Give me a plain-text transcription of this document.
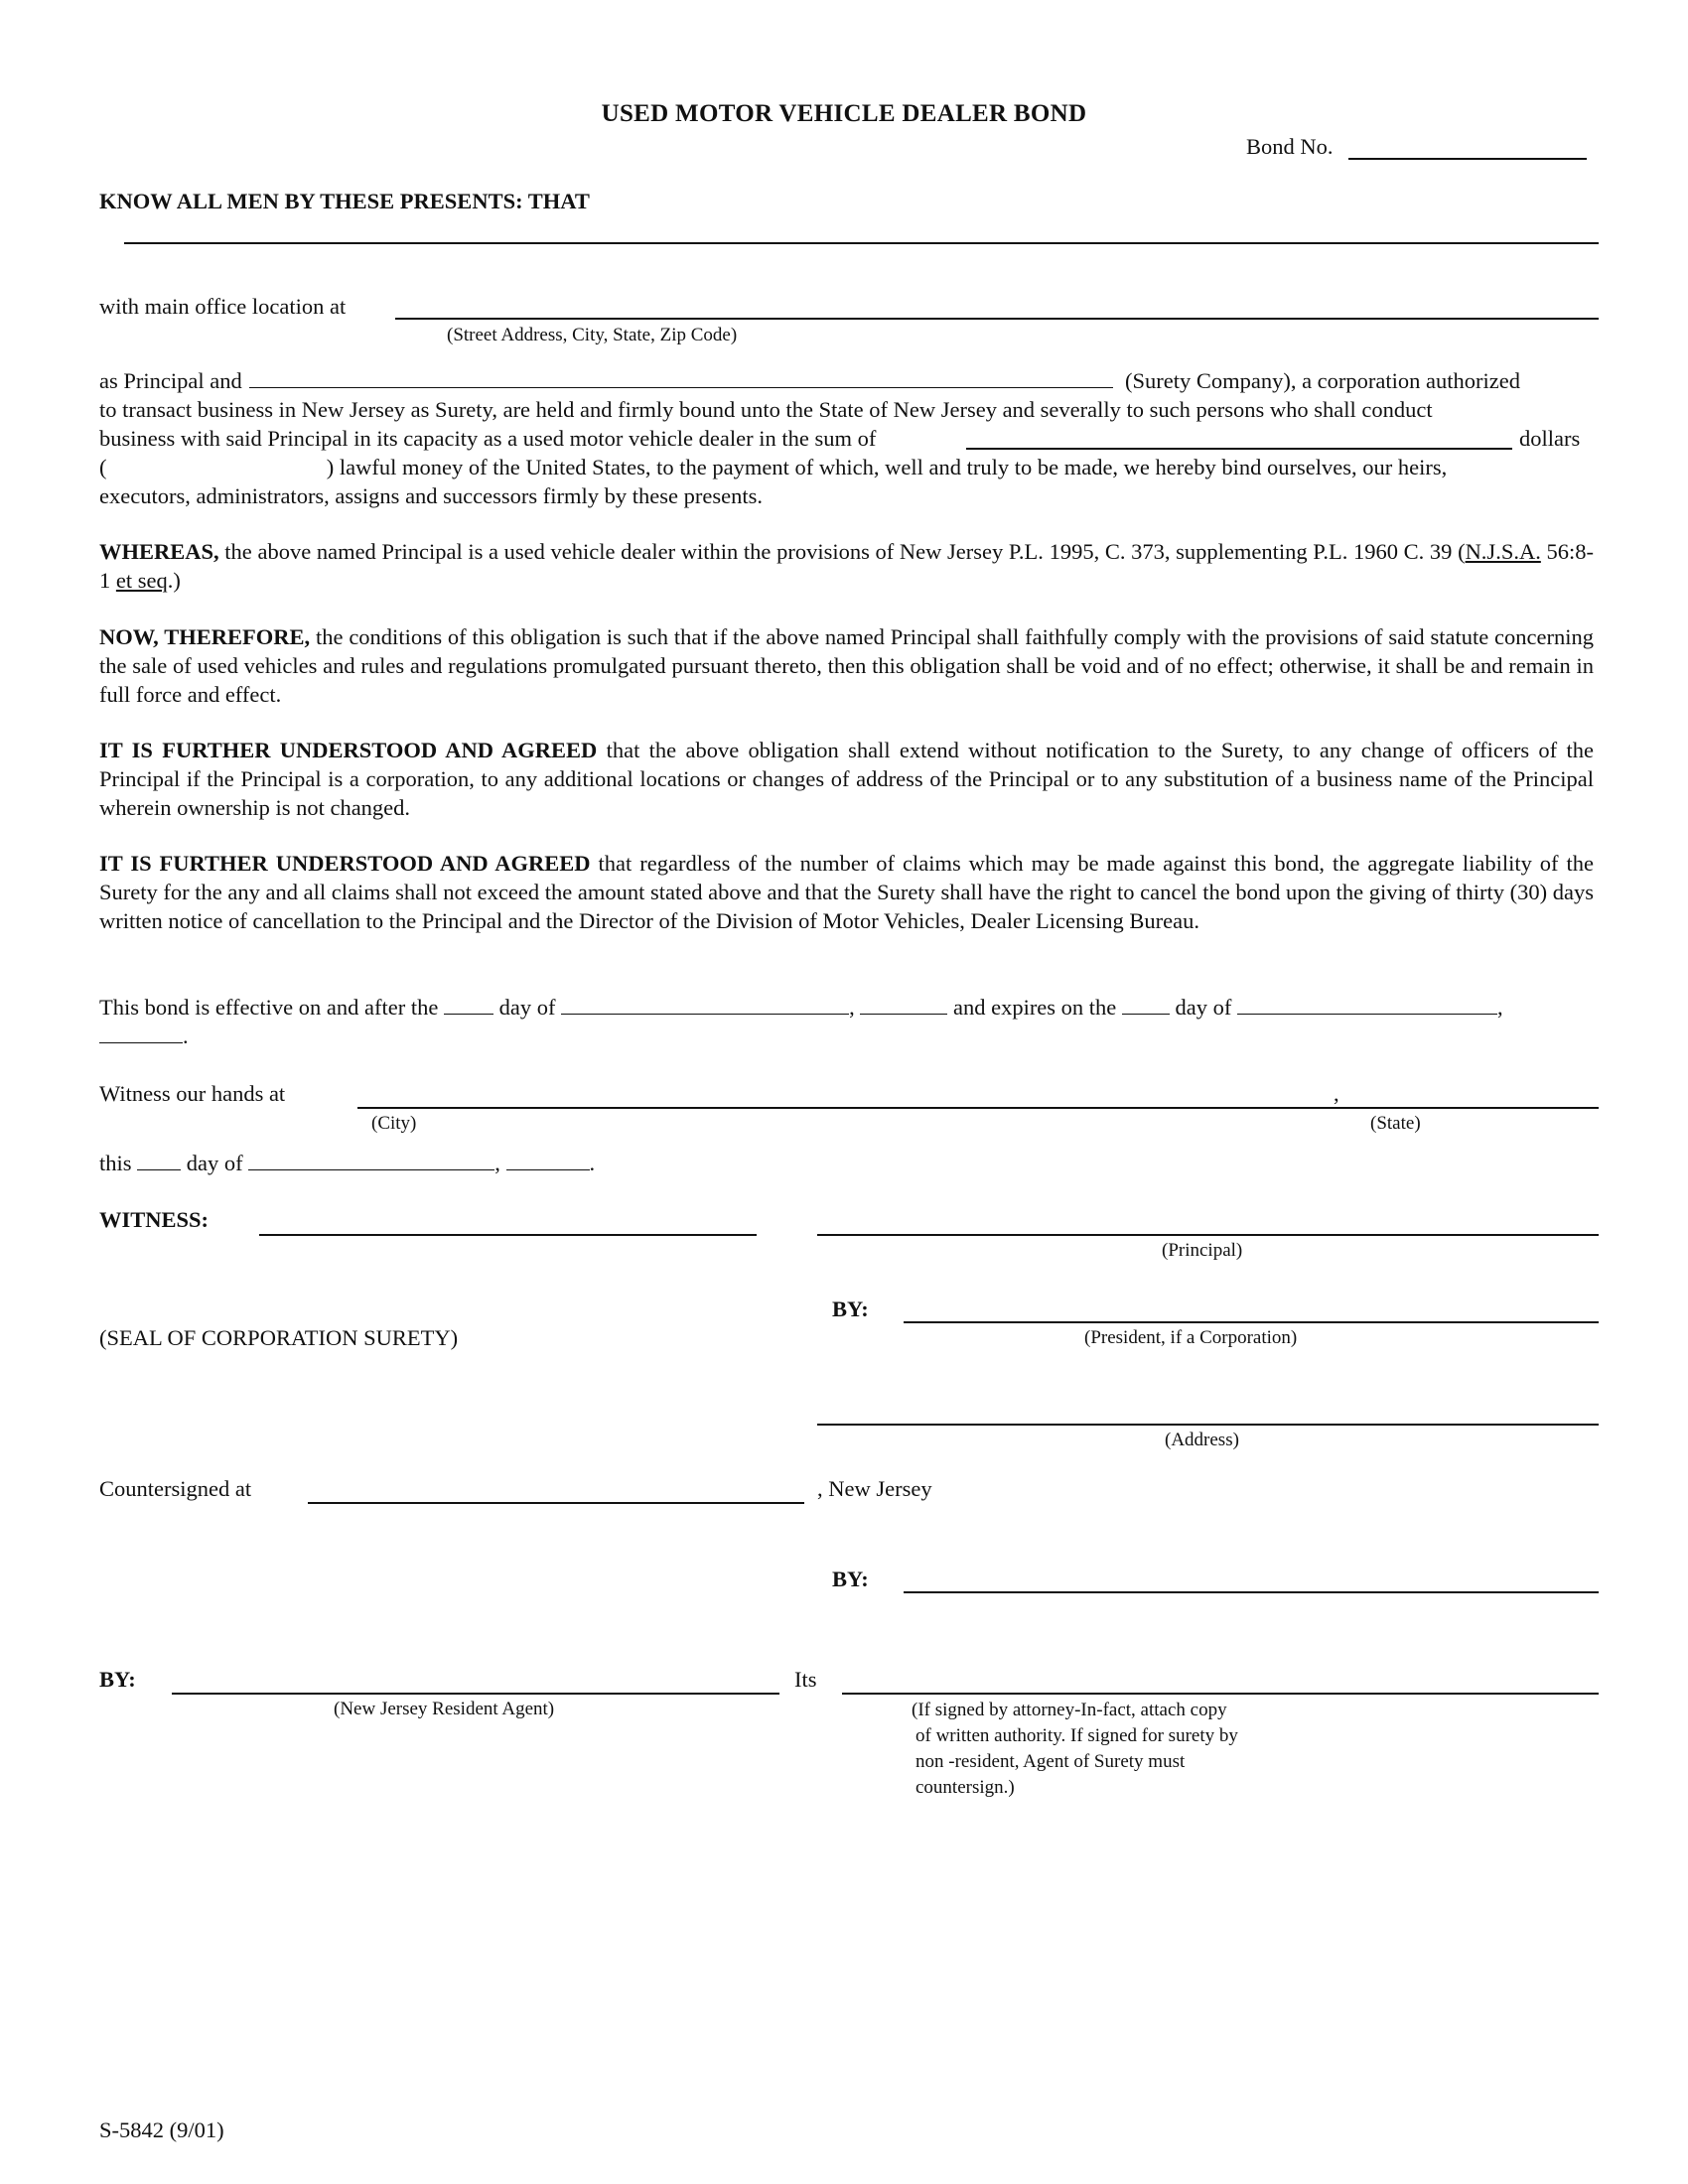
USED MOTOR VEHICLE DEALER BOND
Bond No.
KNOW ALL MEN BY THESE PRESENTS: THAT
with main office location at
(Street Address, City, State, Zip Code)
as Principal and	(Surety Company), a corporation authorized
to transact business in New Jersey as Surety, are held and firmly bound unto the State of New Jersey and severally to such persons who shall conduct
business with said Principal in its capacity as a used motor vehicle dealer in the sum of	dollars
(	) lawful money of the United States, to the payment of which, well and truly to be made, we hereby bind ourselves, our heirs,
executors, administrators, assigns and successors firmly by these presents.

WHEREAS, the above named Principal is a used vehicle dealer within the provisions of New Jersey P.L. 1995, C. 373, supplementing P.L. 1960 C. 39 (N.J.S.A. 56:8-1 et seq.)

NOW, THEREFORE, the conditions of this obligation is such that if the above named Principal shall faithfully comply with the provisions of said statute concerning the sale of used vehicles and rules and regulations promulgated pursuant thereto, then this obligation shall be void and of no effect; otherwise, it shall be and remain in full force and effect.

IT IS FURTHER UNDERSTOOD AND AGREED that the above obligation shall extend without notification to the Surety, to any change of officers of the Principal if the Principal is a corporation, to any additional locations or changes of address of the Principal or to any substitution of a business name of the Principal wherein ownership is not changed.

IT IS FURTHER UNDERSTOOD AND AGREED that regardless of the number of claims which may be made against this bond, the aggregate liability of the Surety for the any and all claims shall not exceed the amount stated above and that the Surety shall have the right to cancel the bond upon the giving of thirty (30) days written notice of cancellation to the Principal and the Director of the Division of Motor Vehicles, Dealer Licensing Bureau.

This bond is effective on and after the	day of	,	and expires on the	day of	,
.
Witness our hands at	,
(City)	(State)
this day of	,	.
WITNESS:
(Principal)
BY:
(President, if a Corporation)
(SEAL OF CORPORATION SURETY)
(Address)
Countersigned at	, New Jersey
BY:
BY:
(New Jersey Resident Agent)
Its
(If signed by attorney-In-fact, attach copy
of written authority. If signed for surety by
non -resident, Agent of Surety must
countersign.)
S-5842 (9/01)
